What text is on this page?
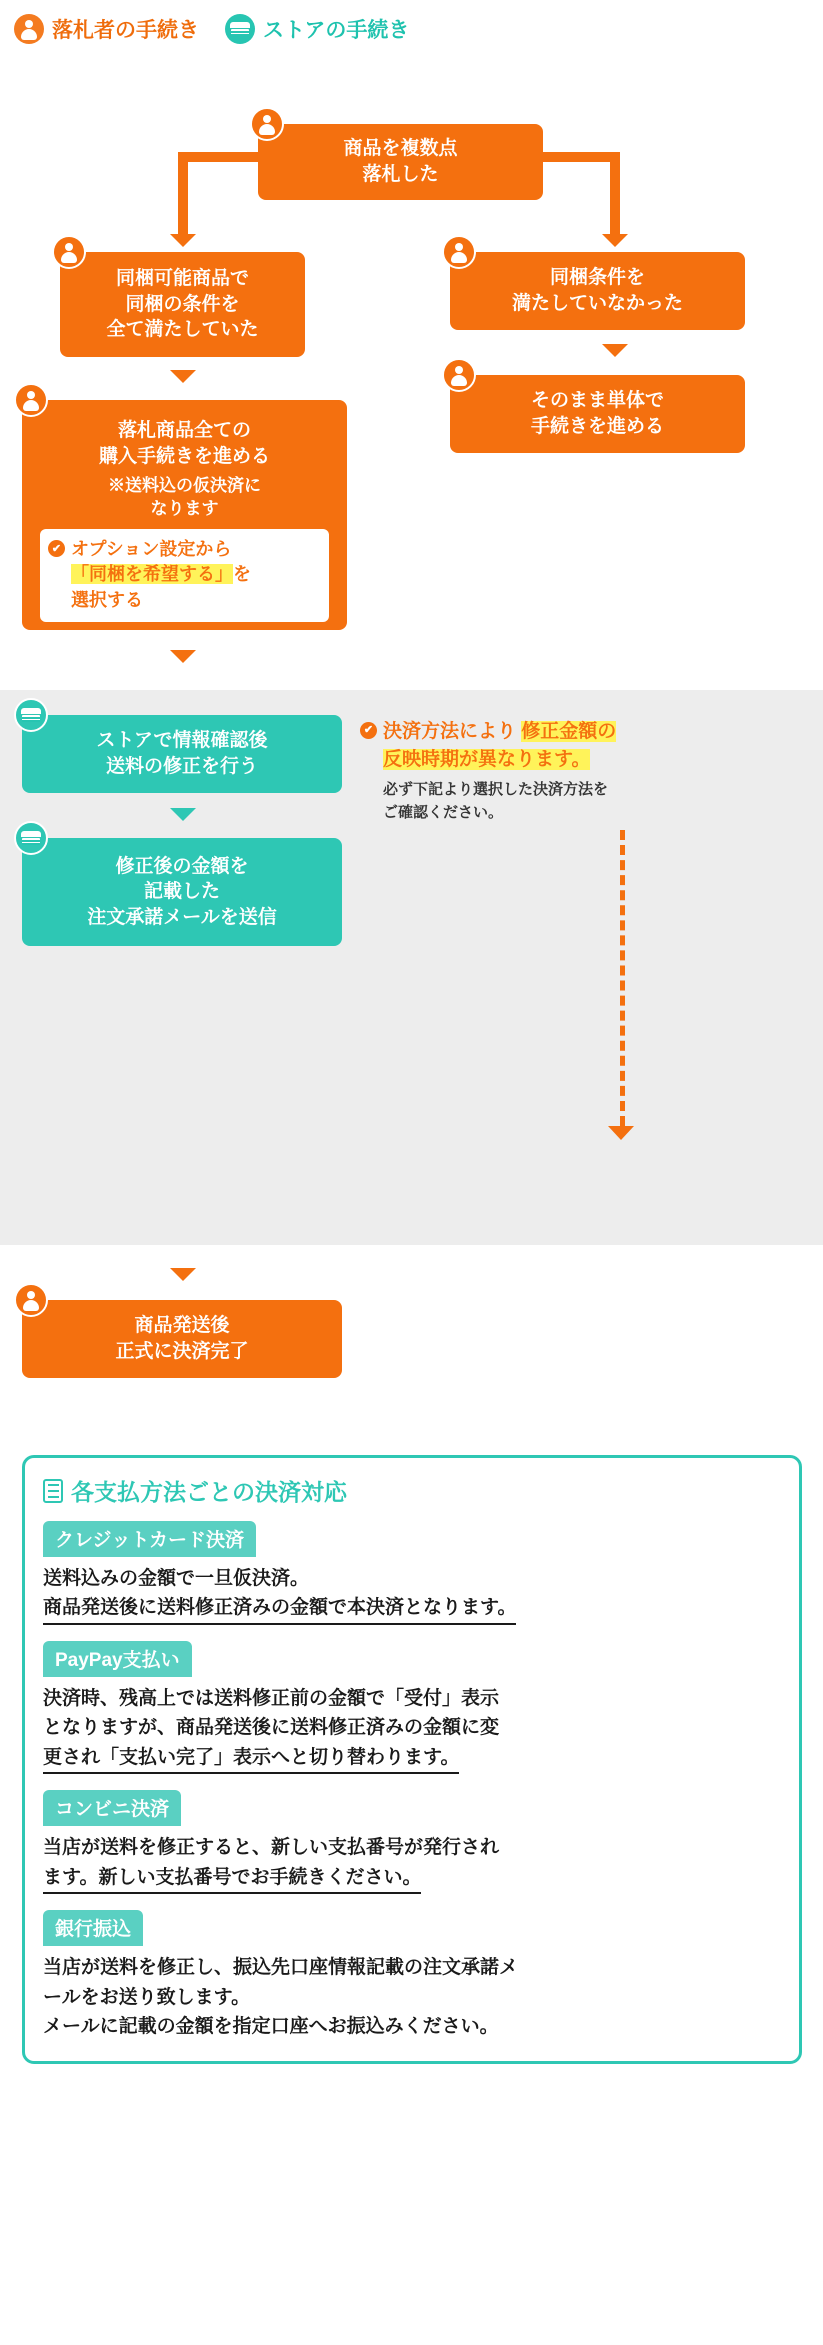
落札者の手続き	ストアの手続き
商品を複数点
落札した
同梱可能商品で
同梱の条件を
全て満たしていた
同梱条件を
満たしていなかった
落札商品全ての
購入手続きを進める
※送料込の仮決済に
なります
✔ オプション設定から
「同梱を希望する」を
選択する
そのまま単体で
手続きを進める
ストアで情報確認後
送料の修正を行う
修正後の金額を
記載した
注文承諾メールを送信
✔ 決済方法により 修正金額の
反映時期が異なります。
必ず下記より選択した決済方法を
ご確認ください。
商品発送後
正式に決済完了
各支払方法ごとの決済対応
クレジットカード決済
送料込みの金額で一旦仮決済。
商品発送後に送料修正済みの金額で本決済となります。
PayPay支払い
決済時、残高上では送料修正前の金額で「受付」表示
となりますが、商品発送後に送料修正済みの金額に変
更され「支払い完了」表示へと切り替わります。
コンビニ決済
当店が送料を修正すると、新しい支払番号が発行され
ます。新しい支払番号でお手続きください。
銀行振込
当店が送料を修正し、振込先口座情報記載の注文承諾メ
ールをお送り致します。
メールに記載の金額を指定口座へお振込みください。
